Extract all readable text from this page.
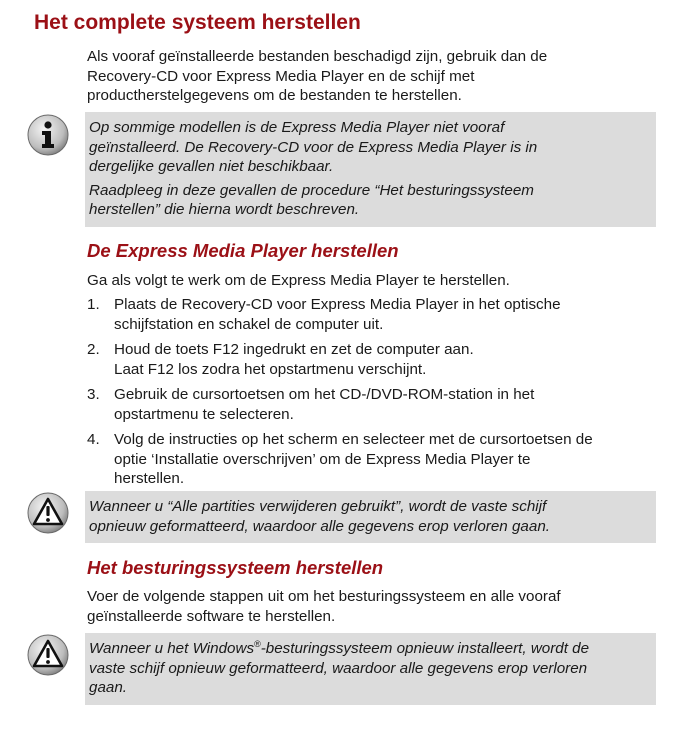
Het complete systeem herstellen
Als vooraf geïnstalleerde bestanden beschadigd zijn, gebruik dan de
Recovery-CD voor Express Media Player en de schijf met
productherstelgegevens om de bestanden te herstellen.

Op sommige modellen is de Express Media Player niet vooraf
geïnstalleerd. De Recovery-CD voor de Express Media Player is in
dergelijke gevallen niet beschikbaar.

Raadpleeg in deze gevallen de procedure “Het besturingssysteem
herstellen” die hierna wordt beschreven.

De Express Media Player herstellen
Ga als volgt te werk om de Express Media Player te herstellen.
1. Plaats de Recovery-CD voor Express Media Player in het optische
schijfstation en schakel de computer uit.
2. Houd de toets F12 ingedrukt en zet de computer aan.
Laat F12 los zodra het opstartmenu verschijnt.
3. Gebruik de cursortoetsen om het CD-/DVD-ROM-station in het
opstartmenu te selecteren.
4. Volg de instructies op het scherm en selecteer met de cursortoetsen de
optie ‘Installatie overschrijven’ om de Express Media Player te
herstellen.

Wanneer u “Alle partities verwijderen gebruikt”, wordt de vaste schijf
opnieuw geformatteerd, waardoor alle gegevens erop verloren gaan.

Het besturingssysteem herstellen
Voer de volgende stappen uit om het besturingssysteem en alle vooraf
geïnstalleerde software te herstellen.

Wanneer u het Windows®-besturingssysteem opnieuw installeert, wordt de
vaste schijf opnieuw geformatteerd, waardoor alle gegevens erop verloren
gaan.
